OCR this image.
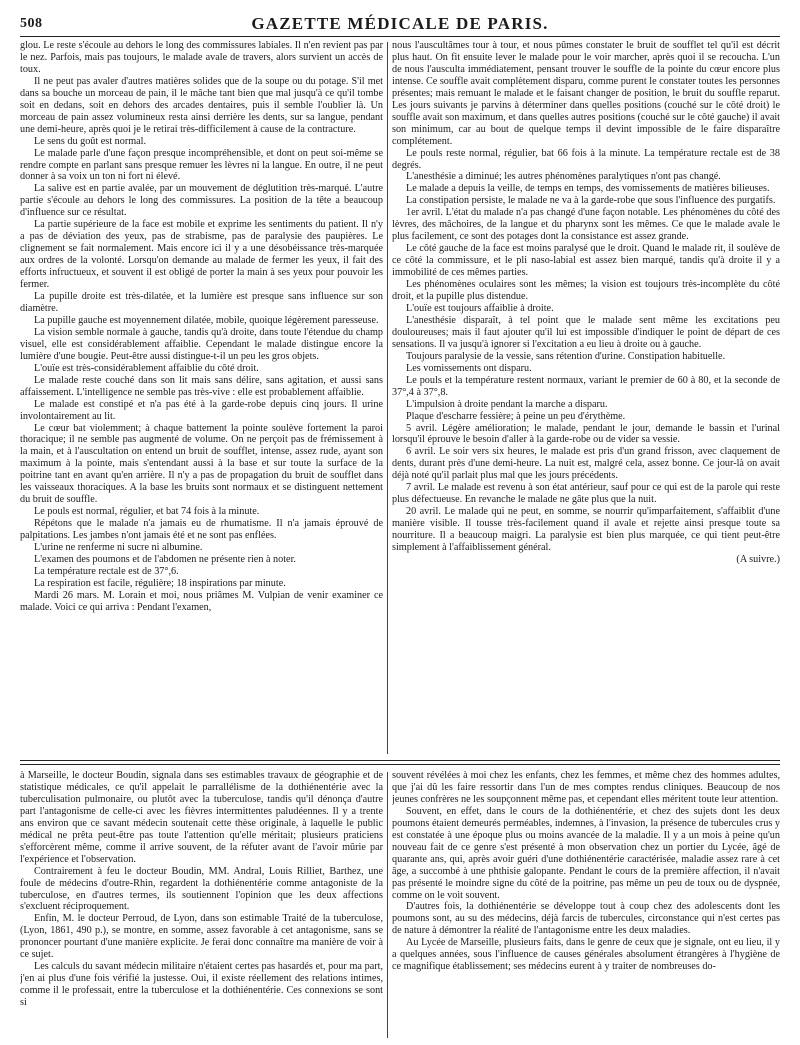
508	GAZETTE MÉDICALE DE PARIS.

glou. Le reste s'écoule au dehors le long des commissures labiales. Il n'en revient pas par le nez. Parfois, mais pas toujours, le malade avale de travers, alors survient un accès de toux.

Il ne peut pas avaler d'autres matières solides que de la soupe ou du potage. S'il met dans sa bouche un morceau de pain, il le mâche tant bien que mal jusqu'à ce qu'il tombe soit en dedans, soit en dehors des arcades dentaires, puis il semble l'oublier là. Un morceau de pain assez volumineux resta ainsi derrière les dents, sur sa langue, pendant une demi-heure, après quoi je le retirai très-difficilement à cause de la contracture.

Le sens du goût est normal.

Le malade parle d'une façon presque incompréhensible, et dont on peut soi-même se rendre compte en parlant sans presque remuer les lèvres ni la langue. En outre, il ne peut donner à sa voix un ton ni fort ni élevé.

La salive est en partie avalée, par un mouvement de déglutition très-marqué. L'autre partie s'écoule au dehors le long des commissures. La position de la tête a beaucoup d'influence sur ce résultat.

La partie supérieure de la face est mobile et exprime les sentiments du patient. Il n'y a pas de déviation des yeux, pas de strabisme, pas de paralysie des paupières. Le clignement se fait normalement. Mais encore ici il y a une désobéissance très-marquée aux ordres de la volonté. Lorsqu'on demande au malade de fermer les yeux, il fait des efforts infructueux, et souvent il est obligé de porter la main à ses yeux pour pouvoir les fermer.

La pupille droite est très-dilatée, et la lumière est presque sans influence sur son diamètre.

La pupille gauche est moyennement dilatée, mobile, quoique légèrement paresseuse.

La vision semble normale à gauche, tandis qu'à droite, dans toute l'étendue du champ visuel, elle est considérablement affaiblie. Cependant le malade distingue encore la lumière d'une bougie. Peut-être aussi distingue-t-il un peu les gros objets.

L'ouïe est très-considérablement affaiblie du côté droit.

Le malade reste couché dans son lit mais sans délire, sans agitation, et aussi sans affaissement. L'intelligence ne semble pas très-vive : elle est probablement affaiblie.

Le malade est constipé et n'a pas été à la garde-robe depuis cinq jours. Il urine involontairement au lit.

Le cœur bat violemment; à chaque battement la pointe soulève fortement la paroi thoracique; il ne semble pas augmenté de volume. On ne perçoit pas de frémissement à la main, et à l'auscultation on entend un bruit de soufflet, intense, assez rude, ayant son maximum à la pointe, mais s'entendant aussi à la base et sur toute la surface de la poitrine tant en avant qu'en arrière. Il n'y a pas de propagation du bruit de soufflet dans les vaisseaux thoraciques. A la base les bruits sont normaux et se distinguent nettement du bruit de souffle.

Le pouls est normal, régulier, et bat 74 fois à la minute.

Répétons que le malade n'a jamais eu de rhumatisme. Il n'a jamais éprouvé de palpitations. Les jambes n'ont jamais été et ne sont pas enflées.

L'urine ne renferme ni sucre ni albumine.

L'examen des poumons et de l'abdomen ne présente rien à noter.

La température rectale est de 37°,6.

La respiration est facile, régulière; 18 inspirations par minute.

Mardi 26 mars. M. Lorain et moi, nous priâmes M. Vulpian de venir examiner ce malade. Voici ce qui arriva : Pendant l'examen,

nous l'auscultâmes tour à tour, et nous pûmes constater le bruit de soufflet tel qu'il est décrit plus haut. On fit ensuite lever le malade pour le voir marcher, après quoi il se recoucha. L'un de nous l'ausculta immédiatement, pensant trouver le souffle de la pointe du cœur encore plus intense. Ce souffle avait complètement disparu, comme purent le constater toutes les personnes présentes; mais remuant le malade et le faisant changer de position, le bruit du souffle reparut. Les jours suivants je parvins à déterminer dans quelles positions (couché sur le côté droit) le souffle avait son maximum, et dans quelles autres positions (couché sur le côté gauche) il avait son minimum, car au bout de quelque temps il devint impossible de le faire disparaître complétement.

Le pouls reste normal, régulier, bat 66 fois à la minute. La température rectale est de 38 degrés.

L'anesthésie a diminué; les autres phénomènes paralytiques n'ont pas changé.

Le malade a depuis la veille, de temps en temps, des vomissements de matières bilieuses.

La constipation persiste, le malade ne va à la garde-robe que sous l'influence des purgatifs.

1er avril. L'état du malade n'a pas changé d'une façon notable. Les phénomènes du côté des lèvres, des mâchoires, de la langue et du pharynx sont les mêmes. Ce que le malade avale le plus facilement, ce sont des potages dont la consistance est assez grande.

Le côté gauche de la face est moins paralysé que le droit. Quand le malade rit, il soulève de ce côté la commissure, et le pli naso-labial est assez bien marqué, tandis qu'à droite il y a immobilité de ces mêmes parties.

Les phénomènes oculaires sont les mêmes; la vision est toujours très-incomplète du côté droit, et la pupille plus distendue.

L'ouïe est toujours affaiblie à droite.

L'anesthésie disparaît, à tel point que le malade sent même les excitations peu douloureuses; mais il faut ajouter qu'il lui est impossible d'indiquer le point de départ de ces sensations. Il va jusqu'à ignorer si l'excitation a eu lieu à droite ou à gauche.

Toujours paralysie de la vessie, sans rétention d'urine. Constipation habituelle.

Les vomissements ont disparu.

Le pouls et la température restent normaux, variant le premier de 60 à 80, et la seconde de 37°,4 à 37°,8.

L'impulsion à droite pendant la marche a disparu.

Plaque d'escharre fessière; à peine un peu d'érythème.

5 avril. Légère amélioration; le malade, pendant le jour, demande le bassin et l'urinal lorsqu'il éprouve le besoin d'aller à la garde-robe ou de vider sa vessie.

6 avril. Le soir vers six heures, le malade est pris d'un grand frisson, avec claquement de dents, durant près d'une demi-heure. La nuit est, malgré cela, assez bonne. Ce jour-là on avait déjà noté qu'il parlait plus mal que les jours précédents.

7 avril. Le malade est revenu à son état antérieur, sauf pour ce qui est de la parole qui reste plus défectueuse. En revanche le malade ne gâte plus que la nuit.

20 avril. Le malade qui ne peut, en somme, se nourrir qu'imparfaitement, s'affaiblit d'une manière visible. Il tousse très-facilement quand il avale et rejette ainsi presque toute sa nourriture. Il a beaucoup maigri. La paralysie est bien plus marquée, ce qui tient peut-être simplement à l'affaiblissement général.

(A suivre.)

à Marseille, le docteur Boudin, signala dans ses estimables travaux de géographie et de statistique médicales, ce qu'il appelait le parrallélisme de la dothiénentérie avec la tuberculisation pulmonaire, ou plutôt avec la tuberculose, tandis qu'il dénonça d'autre part l'antagonisme de celle-ci avec les fièvres intermittentes paludéennes. Il y a trente ans environ que ce savant médecin soutenait cette thèse originale, à laquelle le public médical ne prêta peut-être pas toute l'attention qu'elle méritait; plusieurs praticiens s'efforcèrent même, comme il arrive souvent, de la réfuter avant de l'avoir mûrie par l'expérience et l'observation.

Contrairement à feu le docteur Boudin, MM. Andral, Louis Rilliet, Barthez, une foule de médecins d'outre-Rhin, regardent la dothiénentérie comme antagoniste de la tuberculose, en d'autres termes, ils soutiennent l'opinion que les deux affections s'excluent réciproquement.

Enfin, M. le docteur Perroud, de Lyon, dans son estimable Traité de la tuberculose, (Lyon, 1861, 490 p.), se montre, en somme, assez favorable à cet antagonisme, sans se prononcer pourtant d'une manière explicite. Je ferai donc connaître ma manière de voir à ce sujet.

Les calculs du savant médecin militaire n'étaient certes pas hasardés et, pour ma part, j'en ai plus d'une fois vérifié la justesse. Oui, il existe réellement des relations intimes, comme il le professait, entre la tuberculose et la dothiénentérie. Ces connexions se sont si

souvent révélées à moi chez les enfants, chez les femmes, et même chez des hommes adultes, que j'ai dû les faire ressortir dans l'un de mes comptes rendus cliniques. Beaucoup de nos jeunes confrères ne les soupçonnent même pas, et cependant elles méritent toute leur attention.

Souvent, en effet, dans le cours de la dothiénentérie, et chez des sujets dont les deux poumons étaient demeurés perméables, indemnes, à l'invasion, la présence de tubercules crus y est constatée à une époque plus ou moins avancée de la maladie. Il y a un mois à peine qu'un nouveau fait de ce genre s'est présenté à mon observation chez un portier du Lycée, âgé de quarante ans, qui, après avoir guéri d'une dothiénentérie caractérisée, maladie assez rare à cet âge, a succombé à une phthisie galopante. Pendant le cours de la première affection, il n'avait pas présenté le moindre signe du côté de la poitrine, pas même un peu de toux ou de dyspnée, comme on le voit souvent.

D'autres fois, la dothiénentérie se développe tout à coup chez des adolescents dont les poumons sont, au su des médecins, déjà farcis de tubercules, circonstance qui n'est certes pas de nature à démontrer la réalité de l'antagonisme entre les deux maladies.

Au Lycée de Marseille, plusieurs faits, dans le genre de ceux que je signale, ont eu lieu, il y a quelques années, sous l'influence de causes générales absolument étrangères à l'hygiène de ce magnifique établissement; ses médecins eurent à y traiter de nombreuses do-
